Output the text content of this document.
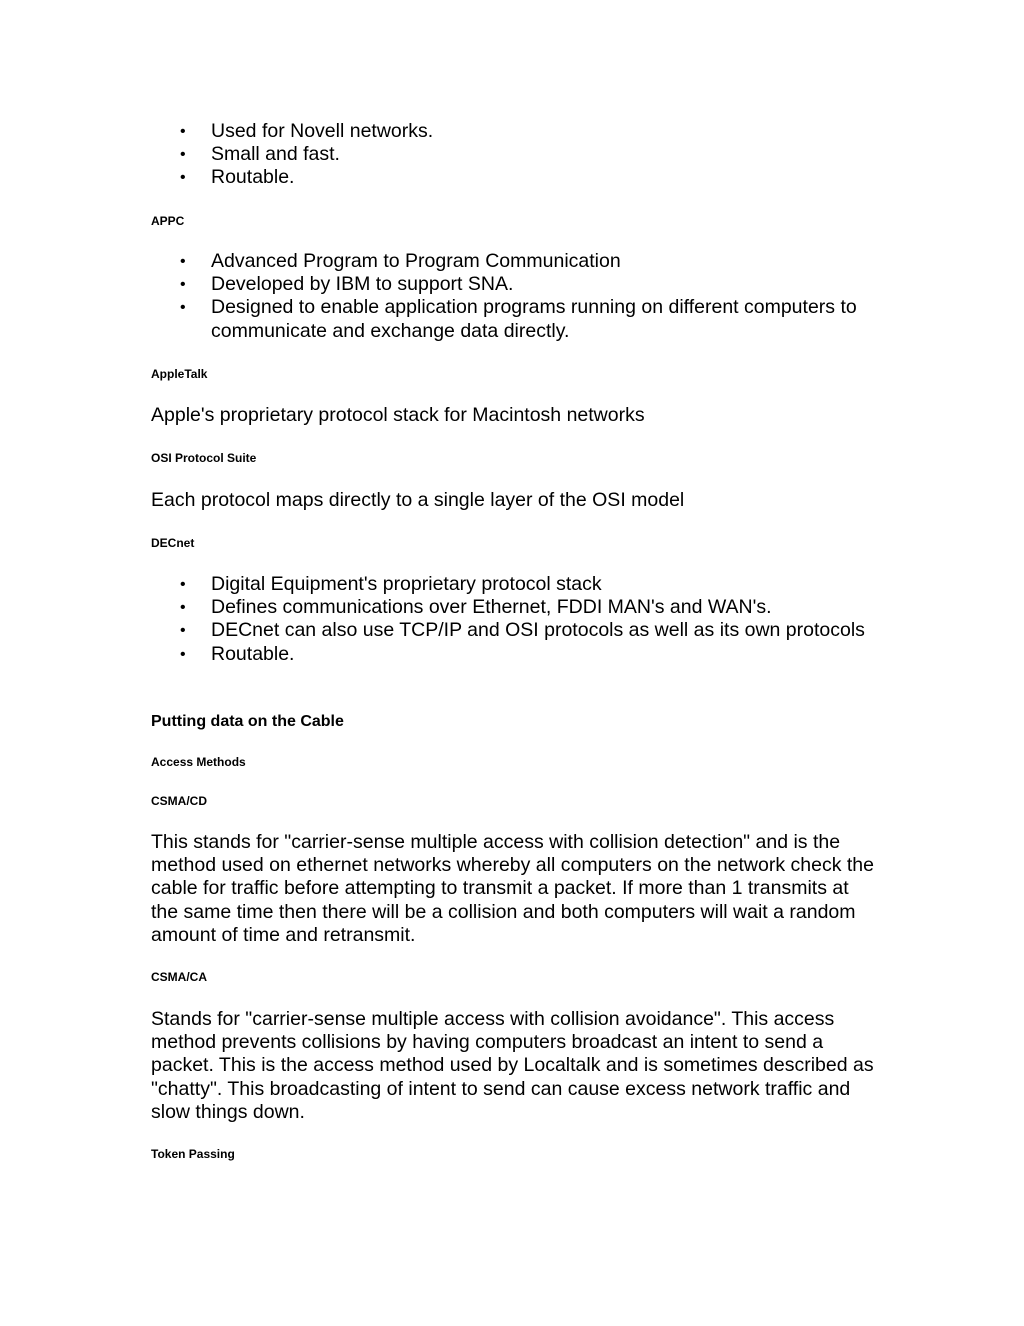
• Used for Novell networks.
• Small and fast.
• Routable.
APPC
• Advanced Program to Program Communication
• Developed by IBM to support SNA.
• Designed to enable application programs running on different computers to communicate and exchange data directly.
AppleTalk

Apple's proprietary protocol stack for Macintosh networks

OSI Protocol Suite

Each protocol maps directly to a single layer of the OSI model

DECnet
• Digital Equipment's proprietary protocol stack
• Defines communications over Ethernet, FDDI MAN's and WAN's.
• DECnet can also use TCP/IP and OSI protocols as well as its own protocols
• Routable.
Putting data on the Cable
Access Methods
CSMA/CD

This stands for "carrier-sense multiple access with collision detection" and is the method used on ethernet networks whereby all computers on the network check the cable for traffic before attempting to transmit a packet. If more than 1 transmits at the same time then there will be a collision and both computers will wait a random amount of time and retransmit.

CSMA/CA

Stands for "carrier-sense multiple access with collision avoidance". This access method prevents collisions by having computers broadcast an intent to send a packet. This is the access method used by Localtalk and is sometimes described as "chatty". This broadcasting of intent to send can cause excess network traffic and slow things down.

Token Passing
